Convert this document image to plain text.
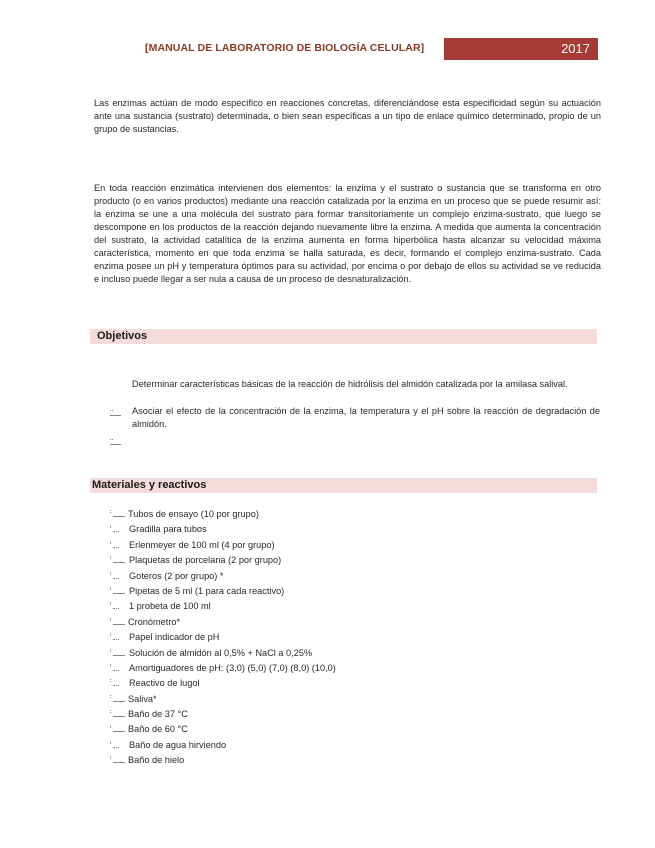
[MANUAL DE LABORATORIO DE BIOLOGÍA CELULAR]	2017

Las enzimas actúan de modo específico en reacciones concretas, diferenciándose esta especificidad según su actuación ante una sustancia (sustrato) determinada, o bien sean específicas a un tipo de enlace químico determinado, propio de un grupo de sustancias.

En toda reacción enzimática intervienen dos elementos: la enzima y el sustrato o sustancia que se transforma en otro producto (o en varios productos) mediante una reacción catalizada por la enzima en un proceso que se puede resumir así: la enzima se une a una molécula del sustrato para formar transitoriamente un complejo enzima-sustrato, que luego se descompone en los productos de la reacción dejando nuevamente libre la enzima. A medida que aumenta la concentración del sustrato, la actividad catalítica de la enzima aumenta en forma hiperbólica hasta alcanzar su velocidad máxima característica, momento en que toda enzima se halla saturada, es decir, formando el complejo enzima-sustrato. Cada enzima posee un pH y temperatura óptimos para su actividad, por encima o por debajo de ellos su actividad se ve reducida e incluso puede llegar a ser nula a causa de un proceso de desnaturalización.

Objetivos

Determinar características básicas de la reacción de hidrólisis del almidón catalizada por la amilasa salival.

Asociar el efecto de la concentración de la enzima, la temperatura y el pH sobre la reacción de degradación de almidón.

Materiales y reactivos
Tubos de ensayo (10 por grupo)
Gradilla para tubos
Erlenmeyer de 100 ml (4 por grupo)
Plaquetas de porcelana (2 por grupo)
Goteros (2 por grupo) *
Pipetas de 5 ml (1 para cada reactivo)
1 probeta de 100 ml
Cronómetro*
Papel indicador de pH
Solución de almidón al 0,5% + NaCl a 0,25%
Amortiguadores de pH: (3,0) (5,0) (7,0) (8,0) (10,0)
Reactivo de lugol
Saliva*
Baño de 37 °C
Baño de 60 °C
Baño de agua hirviendo
Baño de hielo
